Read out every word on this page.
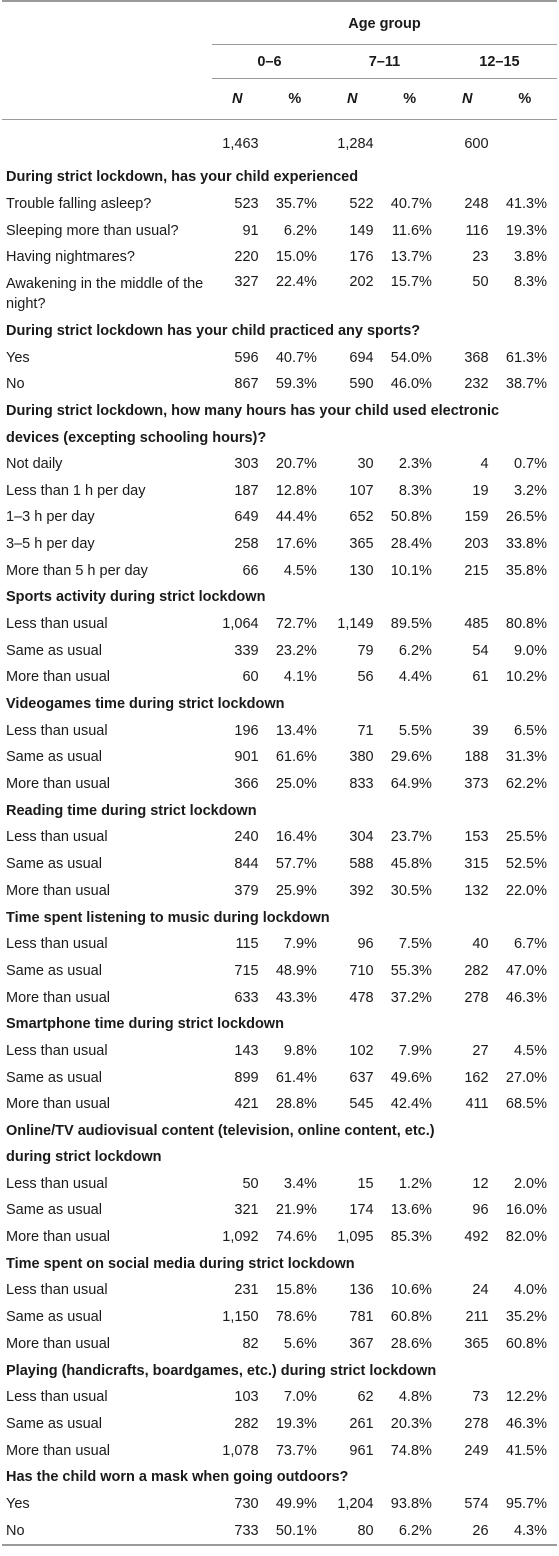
	Age group					
	0–6		7–11		12–15	
	N	%	N	%	N	%
	1,463		1,284		600	
During strict lockdown, has your child experienced						
Trouble falling asleep?	523	35.7%	522	40.7%	248	41.3%
Sleeping more than usual?	91	6.2%	149	11.6%	116	19.3%
Having nightmares?	220	15.0%	176	13.7%	23	3.8%
Awakening in the middle of the night?	327	22.4%	202	15.7%	50	8.3%
During strict lockdown has your child practiced any sports?						
Yes	596	40.7%	694	54.0%	368	61.3%
No	867	59.3%	590	46.0%	232	38.7%
During strict lockdown, how many hours has your child used electronic						
devices (excepting schooling hours)?						
Not daily	303	20.7%	30	2.3%	4	0.7%
Less than 1 h per day	187	12.8%	107	8.3%	19	3.2%
1–3 h per day	649	44.4%	652	50.8%	159	26.5%
3–5 h per day	258	17.6%	365	28.4%	203	33.8%
More than 5 h per day	66	4.5%	130	10.1%	215	35.8%
Sports activity during strict lockdown						
Less than usual	1,064	72.7%	1,149	89.5%	485	80.8%
Same as usual	339	23.2%	79	6.2%	54	9.0%
More than usual	60	4.1%	56	4.4%	61	10.2%
Videogames time during strict lockdown						
Less than usual	196	13.4%	71	5.5%	39	6.5%
Same as usual	901	61.6%	380	29.6%	188	31.3%
More than usual	366	25.0%	833	64.9%	373	62.2%
Reading time during strict lockdown						
Less than usual	240	16.4%	304	23.7%	153	25.5%
Same as usual	844	57.7%	588	45.8%	315	52.5%
More than usual	379	25.9%	392	30.5%	132	22.0%
Time spent listening to music during lockdown						
Less than usual	115	7.9%	96	7.5%	40	6.7%
Same as usual	715	48.9%	710	55.3%	282	47.0%
More than usual	633	43.3%	478	37.2%	278	46.3%
Smartphone time during strict lockdown						
Less than usual	143	9.8%	102	7.9%	27	4.5%
Same as usual	899	61.4%	637	49.6%	162	27.0%
More than usual	421	28.8%	545	42.4%	411	68.5%
Online/TV audiovisual content (television, online content, etc.)						
during strict lockdown						
Less than usual	50	3.4%	15	1.2%	12	2.0%
Same as usual	321	21.9%	174	13.6%	96	16.0%
More than usual	1,092	74.6%	1,095	85.3%	492	82.0%
Time spent on social media during strict lockdown						
Less than usual	231	15.8%	136	10.6%	24	4.0%
Same as usual	1,150	78.6%	781	60.8%	211	35.2%
More than usual	82	5.6%	367	28.6%	365	60.8%
Playing (handicrafts, boardgames, etc.) during strict lockdown						
Less than usual	103	7.0%	62	4.8%	73	12.2%
Same as usual	282	19.3%	261	20.3%	278	46.3%
More than usual	1,078	73.7%	961	74.8%	249	41.5%
Has the child worn a mask when going outdoors?						
Yes	730	49.9%	1,204	93.8%	574	95.7%
No	733	50.1%	80	6.2%	26	4.3%
